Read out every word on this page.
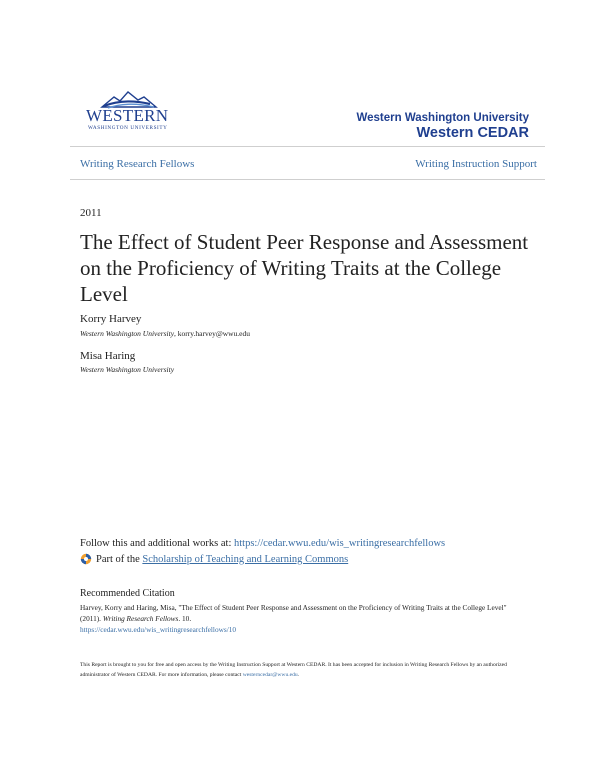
WESTERN
WASHINGTON UNIVERSITY
Western Washington University
Western CEDAR
Writing Research Fellows	Writing Instruction Support
2011
The Effect of Student Peer Response and Assessment on the Proficiency of Writing Traits at the College Level
Korry Harvey
Western Washington University, korry.harvey@wwu.edu
Misa Haring
Western Washington University
Follow this and additional works at: https://cedar.wwu.edu/wis_writingresearchfellows
Part of the
Scholarship of Teaching and Learning Commons
Recommended Citation
Harvey, Korry and Haring, Misa, "The Effect of Student Peer Response and Assessment on the Proficiency of Writing Traits at the College Level" (2011). Writing Research Fellows. 10.
https://cedar.wwu.edu/wis_writingresearchfellows/10
This Report is brought to you for free and open access by the Writing Instruction Support at Western CEDAR. It has been accepted for inclusion in Writing Research Fellows by an authorized administrator of Western CEDAR. For more information, please contact westerncedar@wwu.edu.
